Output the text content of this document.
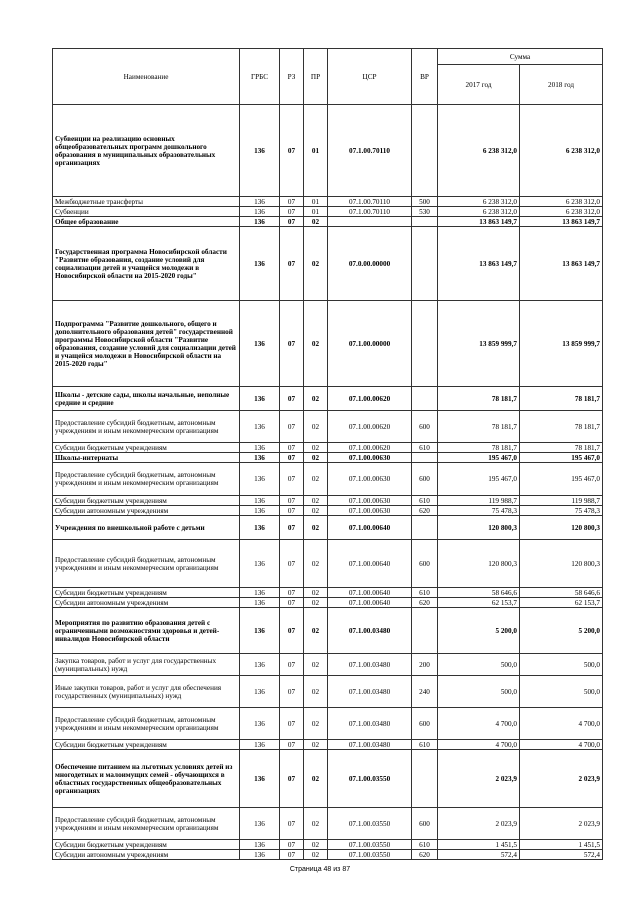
Наименование	ГРБС	РЗ	ПР	ЦСР	ВР	Сумма	
						2017 год	2018 год
Субвенции на реализацию основных общеобразовательных программ дошкольного образования в муниципальных образовательных организациях	136	07	01	07.1.00.70110		6 238 312,0	6 238 312,0
Межбюджетные трансферты	136	07	01	07.1.00.70110	500	6 238 312,0	6 238 312,0
Субвенции	136	07	01	07.1.00.70110	530	6 238 312,0	6 238 312,0
Общее образование	136	07	02			13 863 149,7	13 863 149,7
Государственная программа Новосибирской области "Развитие образования, создание условий для социализации детей и учащейся молодежи в Новосибирской области на 2015-2020 годы"	136	07	02	07.0.00.00000		13 863 149,7	13 863 149,7
Подпрограмма "Развитие дошкольного, общего и дополнительного образования детей" государственной программы Новосибирской области "Развитие образования, создание условий для социализации детей и учащейся молодежи в Новосибирской области на 2015-2020 годы"	136	07	02	07.1.00.00000		13 859 999,7	13 859 999,7
Школы - детские сады, школы начальные, неполные средние и средние	136	07	02	07.1.00.00620		78 181,7	78 181,7
Предоставление субсидий бюджетным, автономным учреждениям и иным некоммерческим организациям	136	07	02	07.1.00.00620	600	78 181,7	78 181,7
Субсидии бюджетным учреждениям	136	07	02	07.1.00.00620	610	78 181,7	78 181,7
Школы-интернаты	136	07	02	07.1.00.00630		195 467,0	195 467,0
Предоставление субсидий бюджетным, автономным учреждениям и иным некоммерческим организациям	136	07	02	07.1.00.00630	600	195 467,0	195 467,0
Субсидии бюджетным учреждениям	136	07	02	07.1.00.00630	610	119 988,7	119 988,7
Субсидии автономным учреждениям	136	07	02	07.1.00.00630	620	75 478,3	75 478,3
Учреждения по внешкольной работе с детьми	136	07	02	07.1.00.00640		120 800,3	120 800,3
Предоставление субсидий бюджетным, автономным учреждениям и иным некоммерческим организациям	136	07	02	07.1.00.00640	600	120 800,3	120 800,3
Субсидии бюджетным учреждениям	136	07	02	07.1.00.00640	610	58 646,6	58 646,6
Субсидии автономным учреждениям	136	07	02	07.1.00.00640	620	62 153,7	62 153,7
Мероприятия по развитию образования детей с ограниченными возможностями здоровья и детей-инвалидов Новосибирской области	136	07	02	07.1.00.03480		5 200,0	5 200,0
Закупка товаров, работ и услуг для государственных (муниципальных) нужд	136	07	02	07.1.00.03480	200	500,0	500,0
Иные закупки товаров, работ и услуг для обеспечения государственных (муниципальных) нужд	136	07	02	07.1.00.03480	240	500,0	500,0
Предоставление субсидий бюджетным, автономным учреждениям и иным некоммерческим организациям	136	07	02	07.1.00.03480	600	4 700,0	4 700,0
Субсидии бюджетным учреждениям	136	07	02	07.1.00.03480	610	4 700,0	4 700,0
Обеспечение питанием на льготных условиях детей из многодетных и малоимущих семей - обучающихся в областных государственных общеобразовательных организациях	136	07	02	07.1.00.03550		2 023,9	2 023,9
Предоставление субсидий бюджетным, автономным учреждениям и иным некоммерческим организациям	136	07	02	07.1.00.03550	600	2 023,9	2 023,9
Субсидии бюджетным учреждениям	136	07	02	07.1.00.03550	610	1 451,5	1 451,5
Субсидии автономным учреждениям	136	07	02	07.1.00.03550	620	572,4	572,4
Страница 48 из 87
